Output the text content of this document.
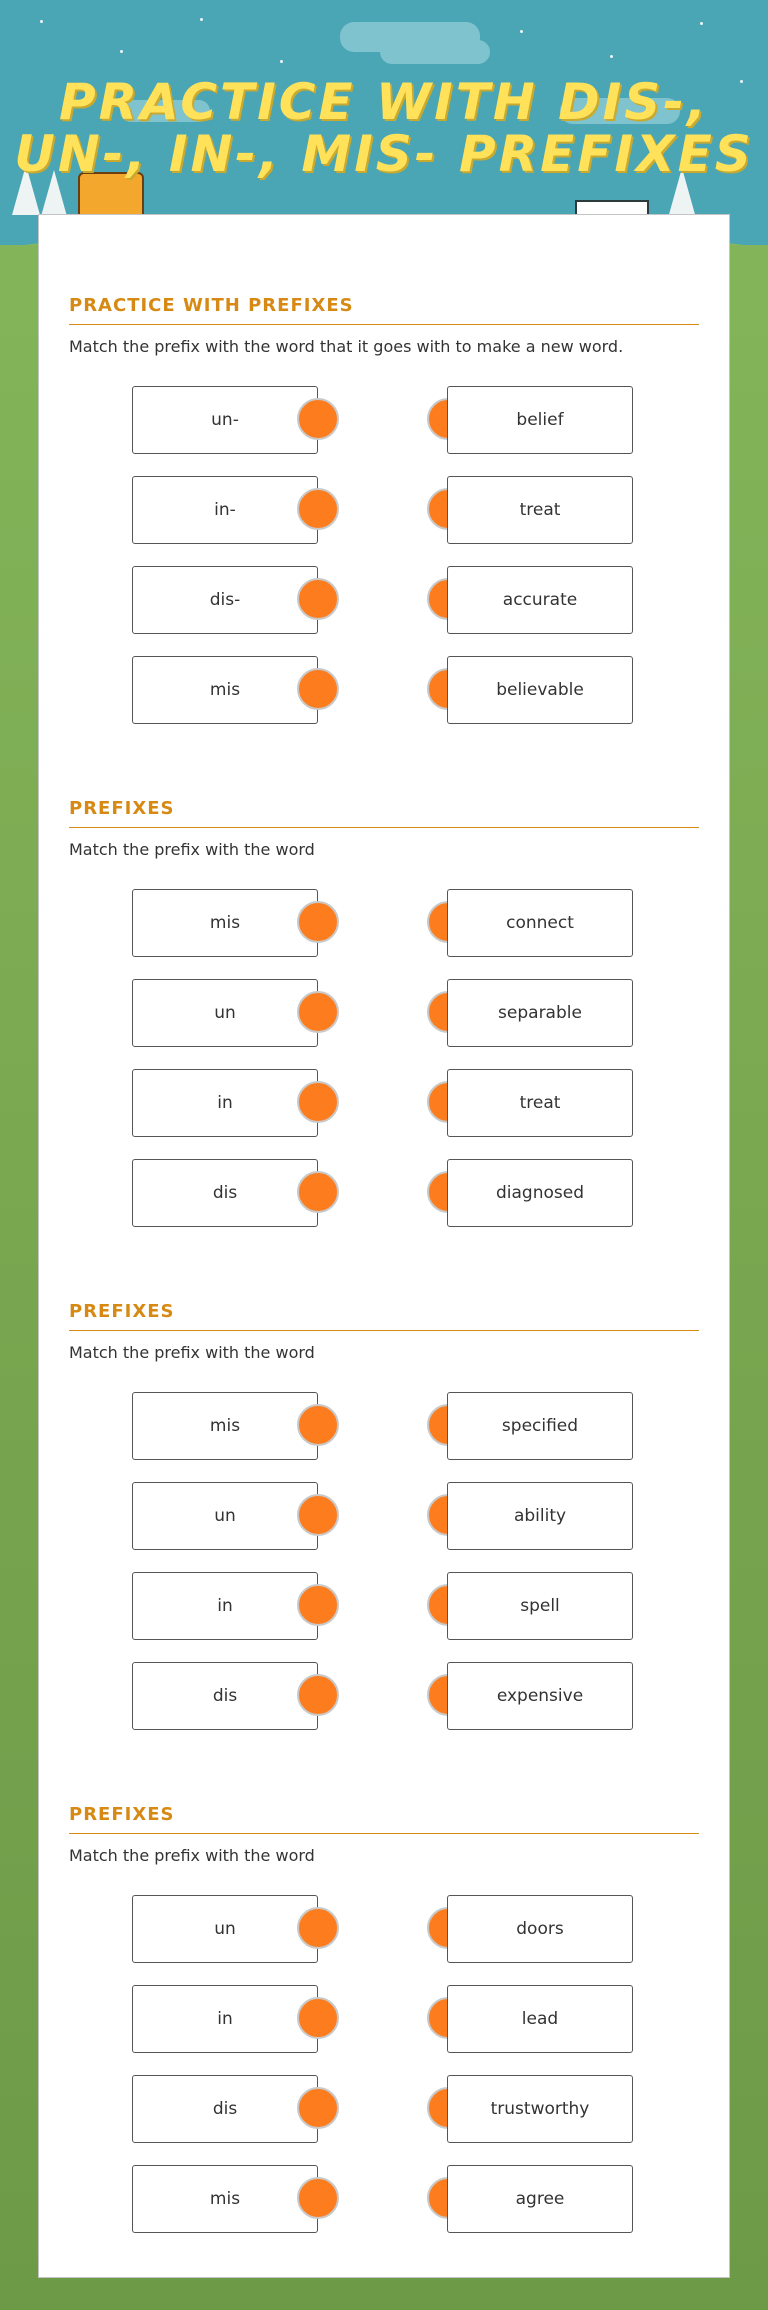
PRACTICE WITH DIS-, UN-, IN-, MIS- PREFIXES
PRACTICE WITH PREFIXES

Match the prefix with the word that it goes with to make a new word.

un-	belief
in-	treat
dis-	accurate
mis	believable
PREFIXES

Match the prefix with the word

mis	connect
un	separable
in	treat
dis	diagnosed
PREFIXES

Match the prefix with the word

mis	specified
un	ability
in	spell
dis	expensive
PREFIXES

Match the prefix with the word

un	doors
in	lead
dis	trustworthy
mis	agree
